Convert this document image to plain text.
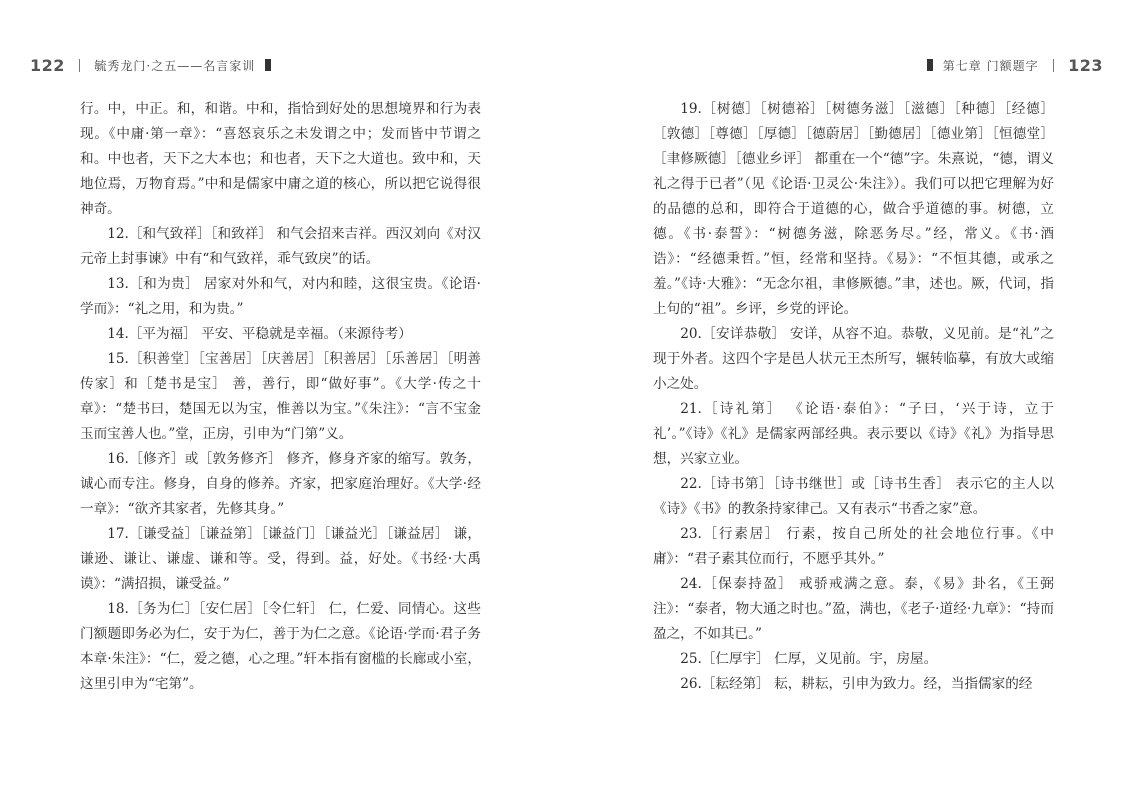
122 毓秀龙门·之五——名言家训	第七章 门额题字 123

行。中，中正。和，和谐。中和，指恰到好处的思想境界和行为表现。《中庸·第一章》：“喜怒哀乐之未发谓之中；发而皆中节谓之和。中也者，天下之大本也；和也者，天下之大道也。致中和，天地位焉，万物育焉。”中和是儒家中庸之道的核心，所以把它说得很神奇。

12.［和气致祥］［和致祥］ 和气会招来吉祥。西汉刘向《对汉元帝上封事谏》中有“和气致祥，乖气致戾”的话。

13.［和为贵］ 居家对外和气，对内和睦，这很宝贵。《论语·学而》：“礼之用，和为贵。”

14.［平为福］ 平安、平稳就是幸福。（来源待考）

15.［积善堂］［宝善居］［庆善居］［积善居］［乐善居］［明善传家］和［楚书是宝］ 善，善行，即“做好事”。《大学·传之十章》：“楚书曰，楚国无以为宝，惟善以为宝。”《朱注》：“言不宝金玉而宝善人也。”堂，正房，引申为“门第”义。

16.［修齐］或［敦务修齐］ 修齐，修身齐家的缩写。敦务，诚心而专注。修身，自身的修养。齐家，把家庭治理好。《大学·经一章》：“欲齐其家者，先修其身。”

17.［谦受益］［谦益第］［谦益门］［谦益光］［谦益居］ 谦，谦逊、谦让、谦虚、谦和等。受，得到。益，好处。《书经·大禹谟》：“满招损，谦受益。”

18.［务为仁］［安仁居］［令仁轩］ 仁，仁爱、同情心。这些门额题即务必为仁，安于为仁，善于为仁之意。《论语·学而·君子务本章·朱注》：“仁，爱之德，心之理。”轩本指有窗槛的长廊或小室，这里引申为“宅第”。

19.［树德］［树德裕］［树德务滋］［滋德］［种德］［经德］［敦德］［尊德］［厚德］［德蔚居］［勤德居］［德业第］［恒德堂］［聿修厥德］［德业乡评］ 都重在一个“德”字。朱熹说，“德，谓义礼之得于已者”（见《论语·卫灵公·朱注》）。我们可以把它理解为好的品德的总和，即符合于道德的心，做合乎道德的事。树德，立德。《书·泰誓》：“树德务滋，除恶务尽。”经，常义。《书·酒诰》：“经德秉哲。”恒，经常和坚持。《易》：“不恒其德，或承之羞。”《诗·大雅》：“无念尔祖，聿修厥德。”聿，述也。厥，代词，指上句的“祖”。乡评，乡党的评论。

20.［安详恭敬］ 安详，从容不迫。恭敬，义见前。是“礼”之现于外者。这四个字是邑人状元王杰所写，辗转临摹，有放大或缩小之处。

21.［诗礼第］ 《论语·泰伯》：“子曰，‘兴于诗，立于礼’。”《诗》《礼》是儒家两部经典。表示要以《诗》《礼》为指导思想，兴家立业。

22.［诗书第］［诗书继世］或［诗书生香］ 表示它的主人以《诗》《书》的教条持家律己。又有表示“书香之家”意。

23.［行素居］ 行素，按自己所处的社会地位行事。《中庸》：“君子素其位而行，不愿乎其外。”

24.［保泰持盈］ 戒骄戒满之意。泰，《易》卦名，《王弼注》：“泰者，物大通之时也。”盈，满也，《老子·道经·九章》：“持而盈之，不如其已。”

25.［仁厚宇］ 仁厚，义见前。宇，房屋。

26.［耘经第］ 耘，耕耘，引申为致力。经，当指儒家的经
